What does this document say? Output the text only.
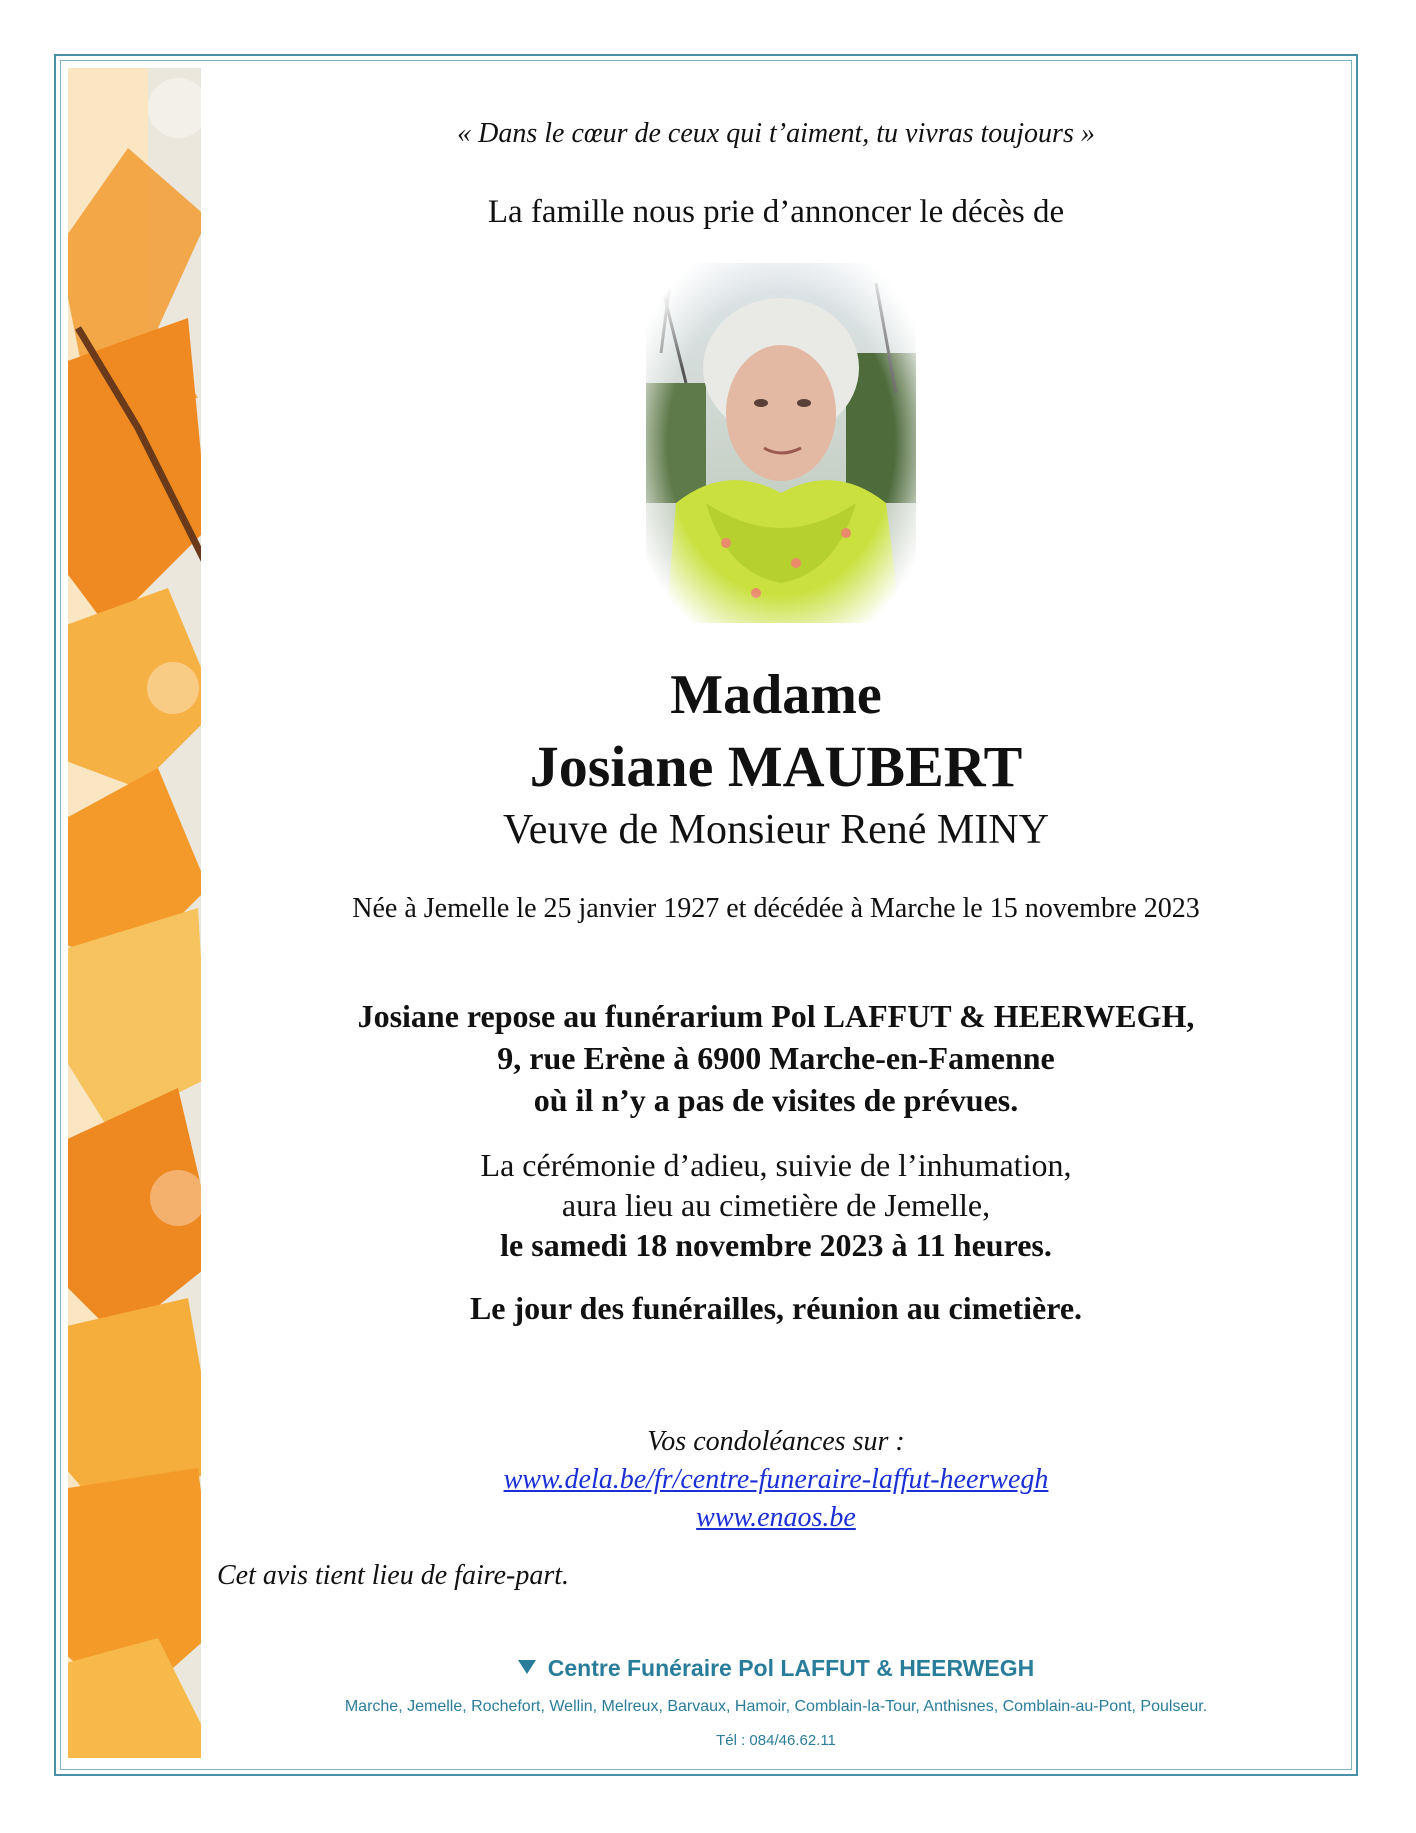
« Dans le cœur de ceux qui t’aiment, tu vivras toujours »
La famille nous prie d’annoncer le décès de
Madame
Josiane MAUBERT
Veuve de Monsieur René MINY
Née à Jemelle le 25 janvier 1927 et décédée à Marche le 15 novembre 2023
Josiane repose au funérarium Pol LAFFUT & HEERWEGH,
9, rue Erène à 6900 Marche-en-Famenne
où il n’y a pas de visites de prévues.
La cérémonie d’adieu, suivie de l’inhumation,
aura lieu au cimetière de Jemelle,
le samedi 18 novembre 2023 à 11 heures.
Le jour des funérailles, réunion au cimetière.
Vos condoléances sur :
www.dela.be/fr/centre-funeraire-laffut-heerwegh
www.enaos.be
Cet avis tient lieu de faire-part.
Centre Funéraire Pol LAFFUT & HEERWEGH
Marche, Jemelle, Rochefort, Wellin, Melreux, Barvaux, Hamoir, Comblain-la-Tour, Anthisnes, Comblain-au-Pont, Poulseur.
Tél : 084/46.62.11
